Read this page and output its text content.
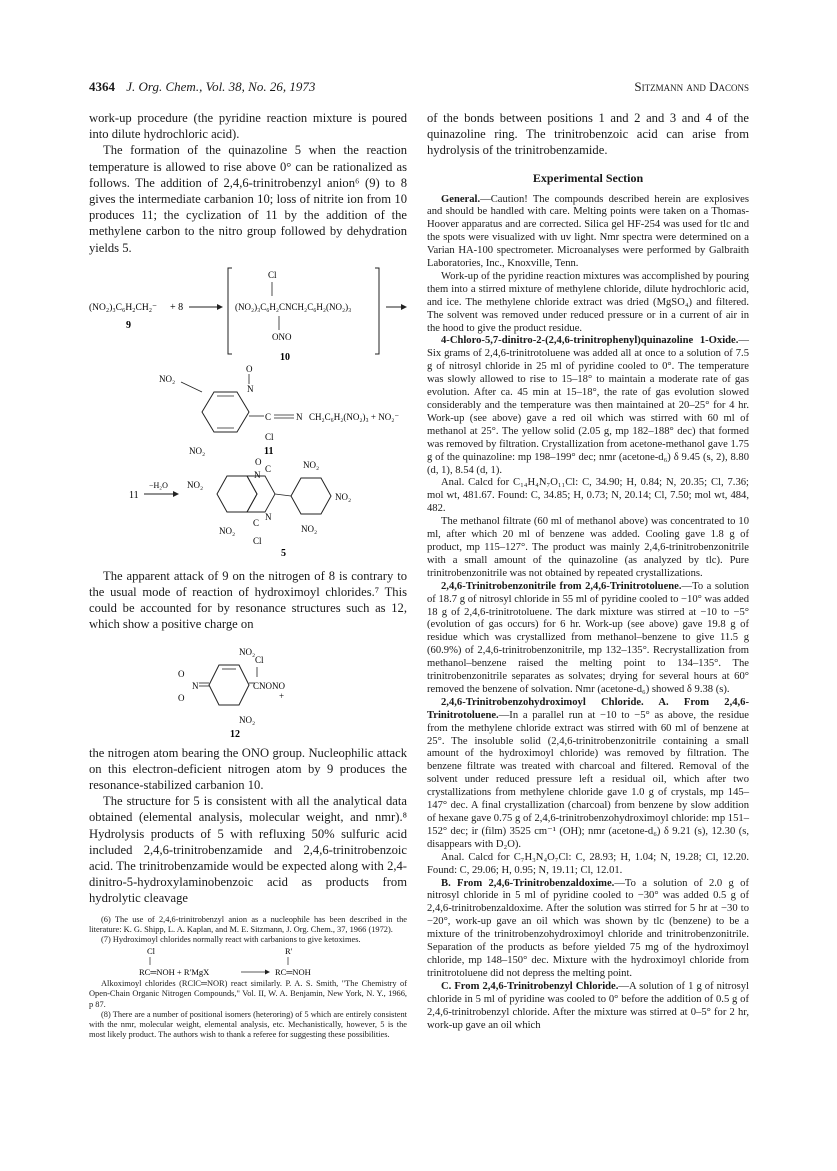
4364 J. Org. Chem., Vol. 38, No. 26, 1973	Sitzmann and Dacons

work-up procedure (the pyridine reaction mixture is poured into dilute hydrochloric acid).

The formation of the quinazoline 5 when the reaction temperature is allowed to rise above 0° can be rationalized as follows. The addition of 2,4,6-trinitrobenzyl anion⁶ (9) to 8 gives the intermediate carbanion 10; loss of nitrite ion from 10 produces 11; the cyclization of 11 by the addition of the methylene carbon to the nitro group followed by dehydration yields 5.

(NO₂)₃C₆H₂CH₂⁻
9
+ 8
Cl
(NO₂)₃C₆H₂CNCH₂C₆H₂(NO₂)₃
ONO
10
NO₂
NO₂
O
N
C	N CH₂C₆H₂(NO₂)₃ + NO₂⁻
Cl
11
11
−H₂O NO₂
O
N
C
N
C
NO₂
Cl
NO₂
NO₂
NO₂
5

The apparent attack of 9 on the nitrogen of 8 is contrary to the usual mode of reaction of hydroximoyl chlorides.⁷ This could be accounted for by resonance structures such as 12, which show a positive charge on

NO₂
Cl
CNONO
+
O
O
N
NO₂
12

the nitrogen atom bearing the ONO group. Nucleophilic attack on this electron-deficient nitrogen atom by 9 produces the resonance-stabilized carbanion 10.

The structure for 5 is consistent with all the analytical data obtained (elemental analysis, molecular weight, and nmr).⁸ Hydrolysis products of 5 with refluxing 50% sulfuric acid included 2,4,6-trinitrobenzamide and 2,4,6-trinitrobenzoic acid. The trinitrobenzamide would be expected along with 2,4-dinitro-5-hydroxylaminobenzoic acid as products from hydrolytic cleavage

(6) The use of 2,4,6-trinitrobenzyl anion as a nucleophile has been described in the literature: K. G. Shipp, L. A. Kaplan, and M. E. Sitzmann, J. Org. Chem., 37, 1966 (1972).

(7) Hydroximoyl chlorides normally react with carbanions to give ketoximes.

Cl
RC═NOH + R′MgX
R′
RC═NOH

Alkoximoyl chlorides (RClC═NOR) react similarly. P. A. S. Smith, "The Chemistry of Open-Chain Organic Nitrogen Compounds," Vol. II, W. A. Benjamin, New York, N. Y., 1966, p 87.

(8) There are a number of positional isomers (heteroring) of 5 which are entirely consistent with the nmr, molecular weight, elemental analysis, etc. Mechanistically, however, 5 is the most likely product. The authors wish to thank a referee for suggesting these possibilities.

of the bonds between positions 1 and 2 and 3 and 4 of the quinazoline ring. The trinitrobenzoic acid can arise from hydrolysis of the trinitrobenzamide.

Experimental Section

General.—Caution! The compounds described herein are explosives and should be handled with care. Melting points were taken on a Thomas-Hoover apparatus and are corrected. Silica gel HF-254 was used for tlc and the spots were visualized with uv light. Nmr spectra were determined on a Varian HA-100 spectrometer. Microanalyses were performed by Galbraith Laboratories, Inc., Knoxville, Tenn.

Work-up of the pyridine reaction mixtures was accomplished by pouring them into a stirred mixture of methylene chloride, dilute hydrochloric acid, and ice. The methylene chloride extract was dried (MgSO₄) and filtered. The solvent was removed under reduced pressure or in a current of air in the hood to give the product residue.

4-Chloro-5,7-dinitro-2-(2,4,6-trinitrophenyl)quinazoline 1-Oxide.—Six grams of 2,4,6-trinitrotoluene was added all at once to a solution of 7.5 g of nitrosyl chloride in 25 ml of pyridine cooled to 0°. The temperature was slowly allowed to rise to 15–18° to maintain a moderate rate of gas evolution. After ca. 45 min at 15–18°, the rate of gas evolution slowed considerably and the temperature was then maintained at 20–25° for 4 hr. Work-up (see above) gave a red oil which was stirred with 60 ml of methanol at 25°. The yellow solid (2.05 g, mp 182–188° dec) that formed was removed by filtration. Crystallization from acetone-methanol gave 1.75 g of the quinazoline: mp 198–199° dec; nmr (acetone-d₆) δ 9.45 (s, 2), 8.80 (d, 1), 8.54 (d, 1).

Anal. Calcd for C₁₄H₄N₇O₁₁Cl: C, 34.90; H, 0.84; N, 20.35; Cl, 7.36; mol wt, 481.67. Found: C, 34.85; H, 0.73; N, 20.14; Cl, 7.50; mol wt, 484, 482.

The methanol filtrate (60 ml of methanol above) was concentrated to 10 ml, after which 20 ml of benzene was added. Cooling gave 1.8 g of product, mp 115–127°. The product was mainly 2,4,6-trinitrobenzonitrile with a small amount of the quinazoline (as analyzed by tlc). Pure trinitrobenzonitrile was not obtained by repeated crystallizations.

2,4,6-Trinitrobenzonitrile from 2,4,6-Trinitrotoluene.—To a solution of 18.7 g of nitrosyl chloride in 55 ml of pyridine cooled to −10° was added 18 g of 2,4,6-trinitrotoluene. The dark mixture was stirred at −10 to −5° (evolution of gas occurs) for 6 hr. Work-up (see above) gave 19.8 g of residue which was crystallized from methanol–benzene to give 11.5 g (60.9%) of 2,4,6-trinitrobenzonitrile, mp 132–135°. Recrystallization from methanol–benzene raised the melting point to 134–135°. The trinitrobenzonitrile separates as solvates; drying for several hours at 60° removed the benzene of solvation. Nmr (acetone-d₆) showed δ 9.38 (s).

2,4,6-Trinitrobenzohydroximoyl Chloride. A. From 2,4,6-Trinitrotoluene.—In a parallel run at −10 to −5° as above, the residue from the methylene chloride extract was stirred with 60 ml of benzene at 25°. The insoluble solid (2,4,6-trinitrobenzonitrile containing a small amount of the hydroximoyl chloride) was removed by filtration. The benzene filtrate was treated with charcoal and filtered. Removal of the solvent under reduced pressure left a residual oil, which after two crystallizations from methylene chloride gave 1.0 g of crystals, mp 145–147° dec. A final crystallization (charcoal) from benzene by slow addition of hexane gave 0.75 g of 2,4,6-trinitrobenzohydroximoyl chloride: mp 151–152° dec; ir (film) 3525 cm⁻¹ (OH); nmr (acetone-d₆) δ 9.21 (s), 12.30 (s, disappears with D₂O).

Anal. Calcd for C₇H₃N₄O₇Cl: C, 28.93; H, 1.04; N, 19.28; Cl, 12.20. Found: C, 29.06; H, 0.95; N, 19.11; Cl, 12.01.

B. From 2,4,6-Trinitrobenzaldoxime.—To a solution of 2.0 g of nitrosyl chloride in 5 ml of pyridine cooled to −30° was added 0.5 g of 2,4,6-trinitrobenzaldoxime. After the solution was stirred for 5 hr at −30 to −20°, work-up gave an oil which was shown by tlc (benzene) to be a mixture of the trinitrobenzohydroximoyl chloride and trinitrobenzonitrile. Separation of the products as before yielded 75 mg of the hydroximoyl chloride, mp 148–150° dec. Mixture with the hydroximoyl chloride from trinitrotoluene did not depress the melting point.

C. From 2,4,6-Trinitrobenzyl Chloride.—A solution of 1 g of nitrosyl chloride in 5 ml of pyridine was cooled to 0° before the addition of 0.5 g of 2,4,6-trinitrobenzyl chloride. After the mixture was stirred at 0–5° for 2 hr, work-up gave an oil which
